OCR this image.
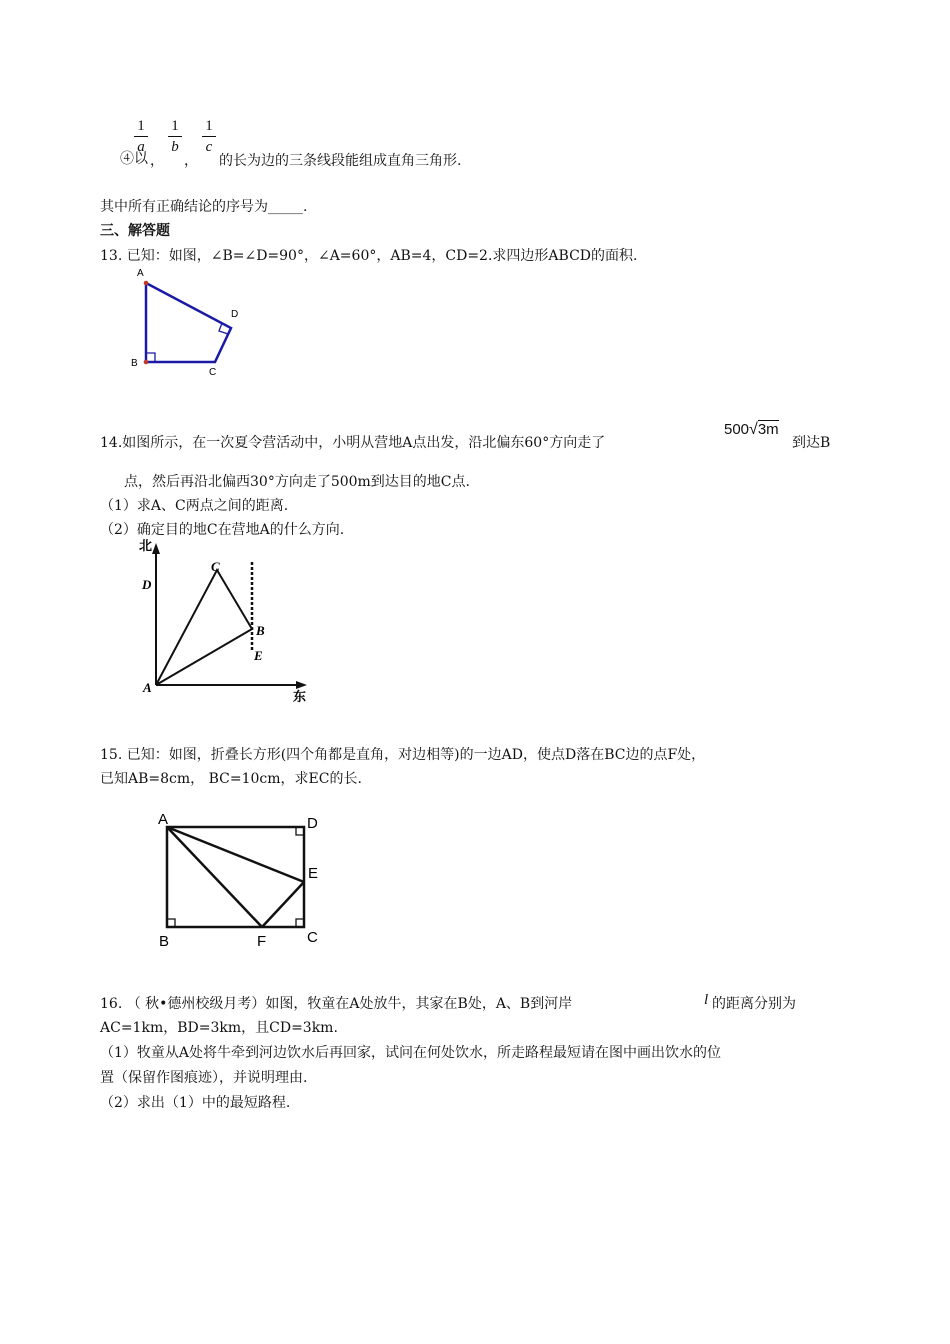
④以
1
a
，
1
b
，
1
c
的长为边的三条线段能组成直角三角形.
其中所有正确结论的序号为_____.
三、解答题
13. 已知：如图，∠B=∠D=90°，∠A=60°，AB=4，CD=2.求四边形ABCD的面积.
A
B
C
D
14.如图所示，在一次夏令营活动中，小明从营地A点出发，沿北偏东60°方向走了
500√3m
到达B
点，然后再沿北偏西30°方向走了500m到达目的地C点.
（1）求A、C两点之间的距离.
（2）确定目的地C在营地A的什么方向.
北
东
A
B
C
D
E
15. 已知：如图，折叠长方形(四个角都是直角，对边相等)的一边AD，使点D落在BC边的点F处，
已知AB=8cm， BC=10cm，求EC的长.
A
B	C
D
E
F
16. （ 秋•德州校级月考）如图，牧童在A处放牛，其家在B处，A、B到河岸	l 的距离分别为
AC=1km，BD=3km，且CD=3km.
（1）牧童从A处将牛牵到河边饮水后再回家，试问在何处饮水，所走路程最短请在图中画出饮水的位
置（保留作图痕迹），并说明理由.
（2）求出（1）中的最短路程.
